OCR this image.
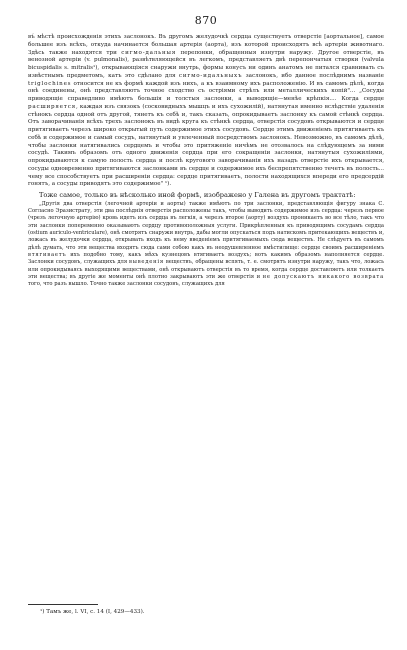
870

въ́ мѣстѣ происхожденія этихъ заслонокъ. Въ другомъ желудочкѣ сердца существуетъ отверстіе [аортальное], самое большее изъ всѣхъ, откуда начинается большая артерія (аорта), изъ которой происходятъ всѣ артеріи животнаго. Здѣсь также находятся три сигмо-дальныя перепонки, обращенныя изнутри наружу. Другое отверстіе, въ венозной артеріи (v. pulmonalis), развѣтвляющейся въ легкомъ, представляетъ двѣ перепончатыя створки (valvula bicuspidalis s. mitralis¹), открывающіяся снаружи внутрь, формы конусъ ни одинъ анатомъ не питался сравнивать съ извѣстнымъ предметомъ, катъ это сдѣлано для сигмо-идальныхъ заслонокъ, ибо данное послѣднимъ названіе triglochines относится не къ формѣ каждой изъ нихъ, а къ взаимному ихъ расположенію. И въ самомъ дѣлѣ, когда онѣ соединены, онѣ представляютъ точное сходство съ остріями стрѣлъ или металлическихъ копій"... „Сосуды приводящіе справедливо имѣютъ большія и толстыя заслонки, а выводящіе—менѣе крѣпкія.... Когда сердце расширяется, каждая изъ связокъ (сосковидныхъ мышцъ и ихъ сухожилій), натянутая именно вслѣдствіе удаленія стѣнокъ сердца одной отъ другой, тянетъ къ себѣ и, такъ сказать, опрокидываетъ заслонку къ самой стѣнкѣ сердца. Отъ заворачиванія всѣхъ трехъ заслонокъ въ видѣ круга къ стѣнкѣ сердца, отверстія сосудовъ открываются и сердце притягиваетъ черезъ широко открытый путь содержимое этихъ сосудовъ. Сердце этимъ движеніемъ притягиваетъ къ себѣ и содержимое и самый сосудъ, натянутый и увлеченный посредствомъ заслонокъ. Невозможно, въ самомъ дѣлѣ, чтобы заслонки натягивались сердцемъ и чтобы это притяженіе ничѣмъ не отозвалось на слѣдующемъ за ними сосудѣ. Такимъ образомъ отъ одного движенія сердца при его сокращеніи заслонки, натянутыя сухожиліями, опрокидываются к самую полость сердца и послѣ кругового заворачиванія ихъ назадъ отверстіе ихъ открывается, сосуды одновременно притягиваются заслонками въ сердце и содержимое ихъ беспрепятственно течетъ въ полость... чему все способствуетъ при расширеніи сердца: сердце притягиваетъ, полости находящихся впереди его предсердій гонятъ, а сосуды приводятъ это содержимое" ¹).

Тоже самое, только въ нѣсколько иной формѣ, изображено у Галена въ другомъ трактатѣ:

„Другія два отверстія (легочной артеріи и аорты) также имѣютъ по три заслонки, представляющія фигуру знака С. Согласно Эразистрату, эти два послѣднія отверстія расположены такъ, чтобы выводить содержимое изъ сердца: черезъ первое (чрезъ легочную артерію) кровь идетъ изъ сердца въ легкія, а черезъ второе (аорту) воздухъ проникаетъ во все тѣло, такъ что эти заслонки попеременно оказываютъ сердцу противоположныя услуги. Прикрѣпленныя къ приводящимъ сосудамъ сердца (ostium auriculo-ventriculare), онѣ смотрятъ снаружи внутрь, дабы могли опускаться подъ натискомъ притекающихъ веществъ и, ложась въ желудочки сердца, открывать входъ къ нему введеніемъ притягиваемыхъ сюда веществъ. Не слѣдуетъ въ самомъ дѣлѣ думать, что эти вещества входятъ сюда сами собою какъ въ неодушевленное вмѣстилище: сердце своимъ расширеніемъ втягиваетъ ихъ подобно тому, какъ мѣхъ кузнецовъ втягиваетъ воздухъ; вотъ какимъ образомъ наполняется сердце. Заслонки сосудовъ, служащихъ для выведенія веществъ, обращены вспять, т. е. смотрятъ изнутри наружу, такъ что, ложась или опрокидываясь выходящими веществами, онѣ открываютъ отверстія въ то время, когда сердце доставляетъ или толкаетъ эти вещества; въ другіе же моменты онѣ плотно закрываютъ эти же отверстія и не допускаютъ никакого возврата того, что разъ вышло. Точно также заслонки сосудовъ, служащихъ для

¹) Тамъ же, l. VI, c. 14 (I, 429—433).
